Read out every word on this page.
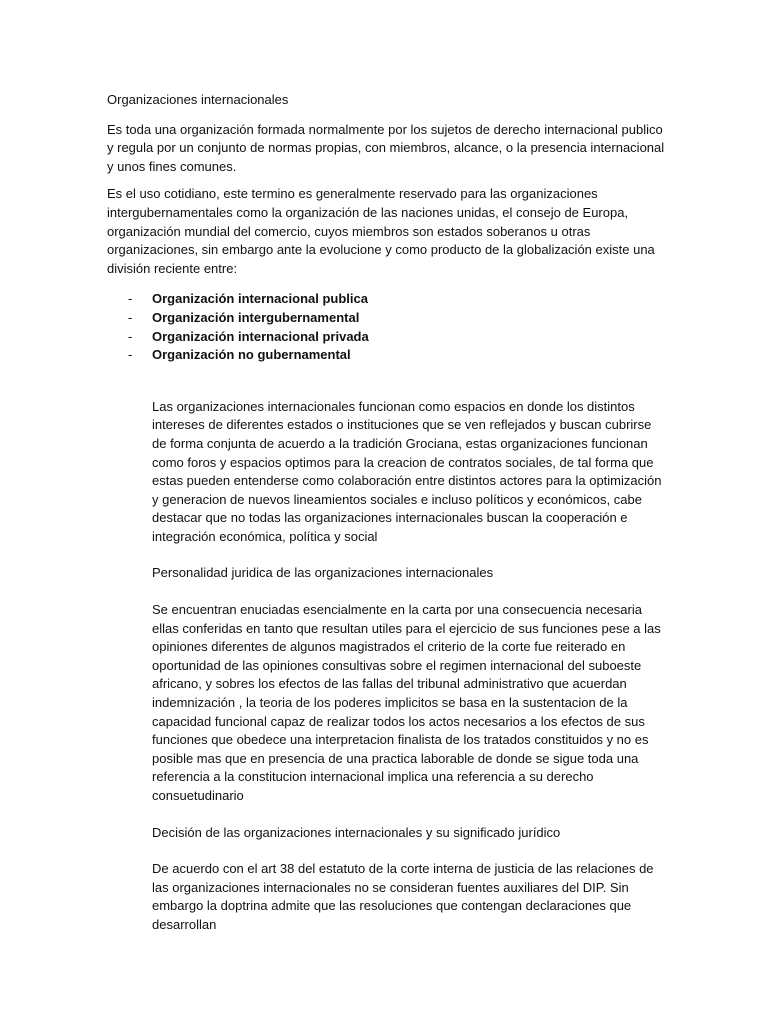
Organizaciones internacionales

Es toda una organización formada normalmente por los sujetos de derecho internacional publico y regula por un conjunto de normas propias, con miembros, alcance, o la presencia internacional y unos fines comunes.

Es el uso cotidiano, este termino es generalmente reservado para las organizaciones intergubernamentales como la organización de las naciones unidas, el consejo de Europa, organización mundial del comercio, cuyos miembros son estados soberanos u otras organizaciones, sin embargo ante la evolucione y como producto de la globalización existe una división reciente entre:

- Organización internacional publica
- Organización intergubernamental
- Organización internacional privada
- Organización no gubernamental

Las organizaciones internacionales funcionan como espacios en donde los distintos intereses de diferentes estados o instituciones que se ven reflejados y buscan cubrirse de forma conjunta de acuerdo a la tradición Grociana, estas organizaciones funcionan como foros y espacios optimos para la creacion de contratos sociales, de tal forma que estas pueden entenderse como colaboración entre distintos actores para la optimización y generacion de nuevos lineamientos sociales e incluso políticos y económicos, cabe destacar que no todas las organizaciones internacionales buscan la cooperación e integración económica, política y social

Personalidad juridica de las organizaciones internacionales

Se encuentran enuciadas esencialmente en la carta por una consecuencia necesaria ellas conferidas en tanto que resultan utiles para el ejercicio de sus funciones pese a las opiniones diferentes de algunos magistrados el criterio de la corte fue reiterado en oportunidad de las opiniones consultivas sobre el regimen internacional del suboeste africano, y sobres los efectos de las fallas del tribunal administrativo que acuerdan indemnización , la teoria de los poderes implicitos se basa en la sustentacion de la capacidad funcional capaz de realizar todos los actos necesarios a los efectos de sus funciones que obedece una interpretacion finalista de los tratados constituidos y no es posible mas que en presencia de una practica laborable de donde se sigue toda una referencia a la constitucion internacional implica una referencia a su derecho consuetudinario

Decisión de las organizaciones internacionales y su significado jurídico

De acuerdo con el art 38 del estatuto de la corte interna de justicia de las relaciones de las organizaciones internacionales no se consideran fuentes auxiliares del DIP. Sin embargo la doptrina admite que las resoluciones que contengan declaraciones que desarrollan
